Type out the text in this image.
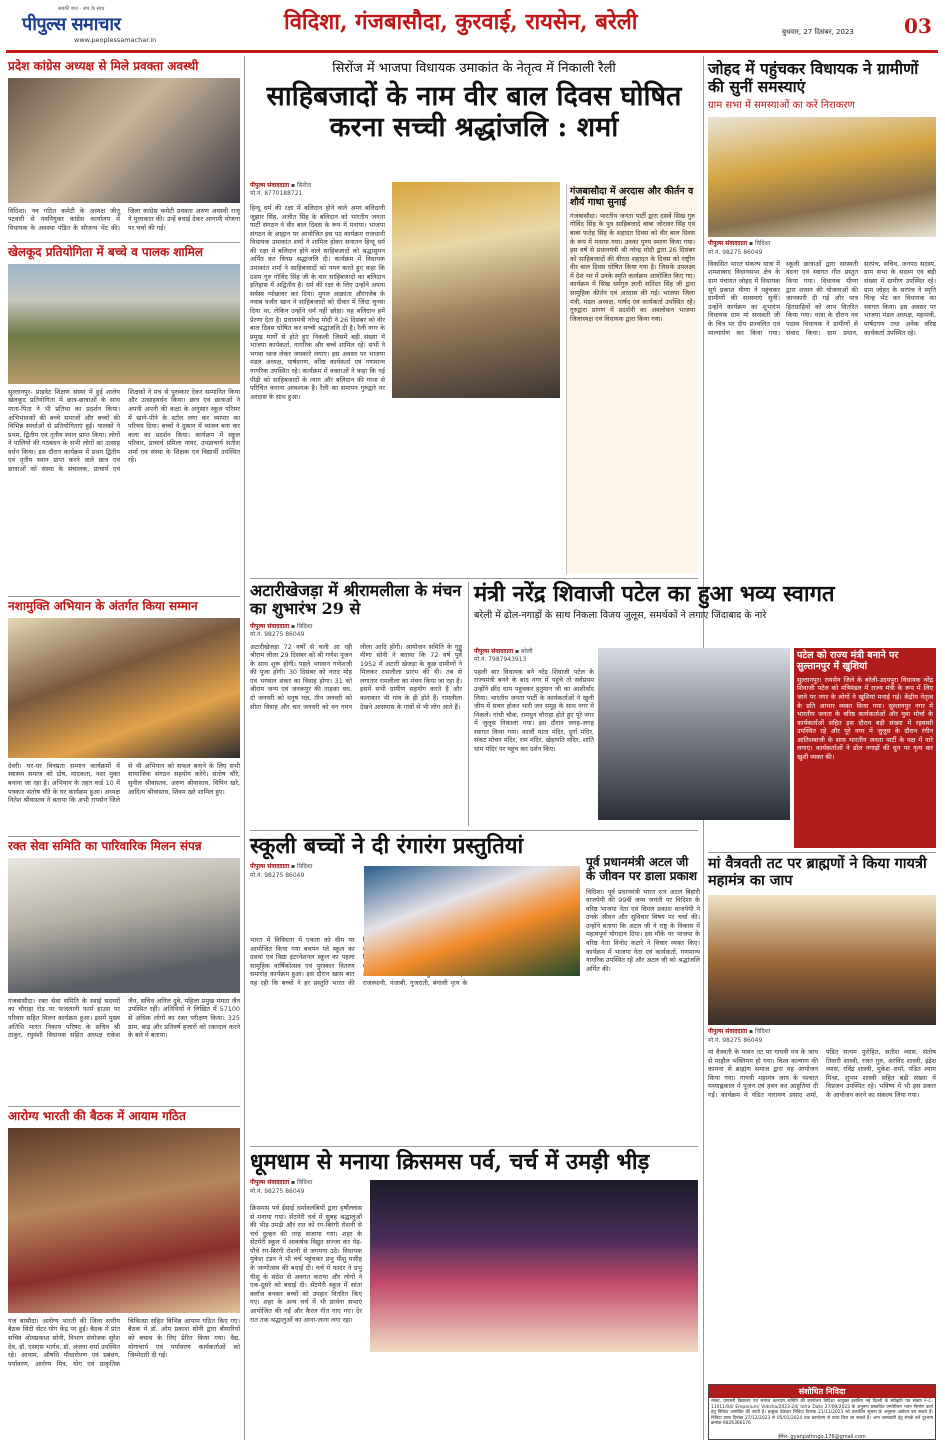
सबकी बात - सच के साथ
पीपुल्स समाचार
www.peoplessamachar.in
विदिशा, गंजबासौदा, कुरवाई, रायसेन, बरेली	बुधवार, 27 दिसंबर, 2023	03
प्रदेश कांग्रेस अध्यक्ष से मिले प्रवक्ता अवस्थी
विदिशा। नव गठित कमेटी के अध्यक्ष जीतू पटवारी से नवनियुक्त कांग्रेस कार्यालय में विधायक के अवस्था पंडित के सौजन्य भेंट की। जिला कांग्रेस कमेटी प्रवक्ता अरुण अवस्थी राजू ने मुलाकात की। उन्हें बधाई देकर आगामी योजना पर चर्चा की गई।
खेलकूद प्रतियोगिता में बच्चे व पालक शामिल
सुल्तानपुर- प्राइवेट शिक्षण संस्था में हुई शालेय खेलकूद प्रतियोगिता में छात्र-छात्राओं के साथ माता-पिता ने भी प्रतिभा का प्रदर्शन किया। अभिभावकों की बच्चे समाजों और बच्चों की विभिन्न स्पर्धाओं से प्रतियोगिताएं हुईं। पालकों ने प्रथम, द्वितीय एवं तृतीय स्थान प्राप्त किया। लोगों ने पालियों की गठबंधन के सभी लोगों का उत्साह वर्धन किया। इस दौरान कार्यक्रम में प्रथम द्वितीय एवं तृतीय स्थान प्राप्त करने वाले छात्र एवं छात्राओं को संस्था के संचालक, प्राचार्य एवं शिक्षकों ने मंच से पुरस्कार देकर सम्मानित किया और उत्साहवर्धन किया। छात्र एवं छात्राओं ने अपनी अपनी की कक्षा के अनुसार स्कूल परिसर में खाने-पीने के स्टॉल लगा कर व्यापार का परिचय दिया। बच्चों ने दुकान में व्यंजन बना कर कला का प्रदर्शन किया। कार्यक्रम में स्कूल परिवार, प्राचार्य प्रमिला नायर, उपप्राचार्य सतीश शर्मा एवं संस्था के शिक्षक एवं विद्यार्थी उपस्थित रहे।
नशामुक्ति अभियान के अंतर्गत किया सम्मान
देवरी। घर-घर विनम्रता सम्मान कार्यक्रमों में स्वास्थ्य समाज को दोष, मादकता, नशा मुक्त बनाना जा रहा है। अभियान के तहत वार्ड 10 में पत्रकार संतोष चौरे के घर कार्यक्रम हुआ। अध्यक्ष नितेश श्रीवास्तव ने बताया कि अभी रायसेन जिले से भी अभियान को सफल बनाने के लिए सभी सामाजिक संगठन सहयोग करेंगे। संतोष चौरे, सुनील श्रीवास्तव, अरुण श्रीवास्तव, विपिन खरे, आदित्य श्रीवास्तव, शिवम खरे शामिल हुए।
रक्त सेवा समिति का पारिवारिक मिलन संपन्न
गंजबासौदा। रक्त सेवा समिति के स्थाई सदस्यों का चौराहा रोड़ पर फजलानी फार्म हाउस पर परिवार सहित मिलन कार्यक्रम हुआ। इसमें मुख्य अतिथि भारत निकाय परिषद के सचिव श्री ठाकुर, रघुवंशी विधायक सहित अध्यक्ष राकेश जैन, सचिव अनिल दुबे, महिला प्रमुख ममता जैन उपस्थित रहीं। अतिथियों ने लिखित में 57100 से अधिक लोगों का रक्त परीक्षण किया। 325 ग्राम, बाढ़ और प्रतिवर्ष हजारों को रक्तदान करने के बारे में बताया।
आरोग्य भारती की बैठक में आयाम गठित
गंज बासौदा। आरोग्य भारती की जिला स्तरीय बैठक सिटी सेंटर योग केंद्र पर हुई। बैठक में प्रांत सचिव ओमप्रकाश सोनी, विभाग संयोजक सुरेश देव, डॉ. एसएस भार्गव, डॉ. अंजना शर्मा उपस्थित रहे। आयाम, औषधि पौधारोपण एवं प्रबंधन, पर्यावरण, आरोग्य मित्र, योग एवं प्राकृतिक चिकित्सा सहित विभिन्न आयाम गठित किए गए। बैठक में डॉ. ओम प्रकाश सोनी द्वारा बीमारियों को बचाव के लिए प्रेरित किया गया। वैद्य, योगाचार्य एवं पर्यावरण कार्यकर्ताओं को जिम्मेदारी दी गई।
सिरोंज में भाजपा विधायक उमाकांत के नेतृत्व में निकाली रैली
साहिबजादों के नाम वीर बाल दिवस घोषित करना सच्ची श्रद्धांजलि : शर्मा
पीपुल्स संवाददाता ▪ सिरोंज
मो.नं. 8770188721
हिन्दू धर्म की रक्षा में बलिदान होने वाले अमर बलिदानी जुझार सिंह, अजीत सिंह के बलिदान को भारतीय जनता पार्टी संगठन ने वीर बाल दिवस के रूप में मनाया। भाजपा संगठन के आह्वान पर आयोजित इस पद कार्यक्रम राजधानी विधायक उमाकांत शर्मा ने शामिल होकर सनातन हिन्दू धर्म की रक्षा में बलिदान होने वाले साहिबजादों को श्रद्धासुमन अर्पित कर विनम्र श्रद्धांजलि दी। कार्यक्रम में विधायक उमाकांत शर्मा ने साहिबजादों को नमन करते हुए कहा कि दशम गुरु गोविंद सिंह जी के चार साहिबजादों का बलिदान इतिहास में अद्वितीय है। धर्म की रक्षा के लिए उन्होंने अपना सर्वस्व न्योछावर कर दिया। मुगल आक्रांता औरंगजेब के नवाब वजीर खान ने साहिबजादों को दीवार में जिंदा चुनवा दिया था, लेकिन उन्होंने धर्म नहीं छोड़ा। यह बलिदान हमें प्रेरणा देता है। प्रधानमंत्री नरेन्द्र मोदी ने 26 दिसंबर को वीर बाल दिवस घोषित कर सच्ची श्रद्धांजलि दी है। रैली नगर के प्रमुख मार्गों से होते हुए निकली जिसमें बड़ी संख्या में भाजपा कार्यकर्ता, नागरिक और बच्चे शामिल रहे। सभी ने भगवा ध्वज लेकर जयकारे लगाए। इस अवसर पर भाजपा मंडल अध्यक्ष, पार्षदगण, वरिष्ठ कार्यकर्ता एवं गणमान्य नागरिक उपस्थित रहे। कार्यक्रम में वक्ताओं ने कहा कि नई पीढ़ी को साहिबजादों के त्याग और बलिदान की गाथा से परिचित कराना आवश्यक है। रैली का समापन गुरुद्वारे पर अरदास के साथ हुआ।
गंजबासौदा में अरदास और कीर्तन व शौर्य गाथा सुनाई
गंजबासौदा। भारतीय जनता पार्टी द्वारा दसवें सिख गुरु गोविंद सिंह के पुत्र साहिबजादे बाबा जोरावर सिंह एवं बाबा फतेह सिंह के शहादत दिवस को वीर बाल दिवस के रूप में मनाया गया। उनका पुण्य स्मरण किया गया। इस वर्ष से प्रधानमंत्री श्री नरेन्द्र मोदी द्वारा 26 दिसंबर को साहिबजादों की वीरता शहादत के दिवस को राष्ट्रीय वीर बाल दिवस घोषित किया गया है। जिसके उपलक्ष्य में देश भर में उनके स्मृति कार्यक्रम आयोजित किए गए। कार्यक्रम में सिख धर्मगुरु ज्ञानी सतिंदर सिंह जी द्वारा सामूहिक कीर्तन एवं अरदास की गई। भाजपा जिला मंत्री, मंडल अध्यक्ष, पार्षद एवं कार्यकर्ता उपस्थित रहे। गुरुद्वारा प्रांगण में प्रदर्शनी का अवलोकन भाजपा जिलाध्यक्ष एवं विधायक द्वारा किया गया।
अटारीखेजड़ा में श्रीरामलीला के मंचन का शुभारंभ 29 से
पीपुल्स संवाददाता ▪ विदिशा
मो.नं. 98275 86049
अटारीखेजड़ा 72 वर्षों से चली आ रही श्रीराम लीला 29 दिसंबर को श्री गणेश पूजन के साथ शुरू होगी। पहले भगवान गणेशजी की पूजा होगी। 30 दिसंबर को नारद मोह एवं भगवान शंकर का विवाह होगा। 31 को श्रीराम जन्म एवं जनकपुर की ताड़का वध, दो जनवरी को धनुष यज्ञ, तीन जनवरी को सीता विवाह और चार जनवरी को वन गमन लीला आदि होंगी। आयोजन समिति के गुड्डू मीणा सोनी ने बताया कि 72 वर्ष पूर्व 1952 में अटारी खेजड़ा के कुछ ग्रामीणों ने मिलकर रामलीला प्रारंभ की थी। तब से लगातार रामलीला का मंचन किया जा रहा है। इसमें सभी ग्रामीण सहयोग करते हैं और कलाकार भी गांव के ही होते हैं। रामलीला देखने आसपास के गांवों से भी लोग आते हैं।
मंत्री नरेंद्र शिवाजी पटेल का हुआ भव्य स्वागत
बरेली में ढोल-नगाड़ों के साथ निकला विजय जुलूस, समर्थकों ने लगाए जिंदाबाद के नारे
पीपुल्स संवाददाता ▪ बरेली
मो.नं. 7987943913
पहली बार विधायक बने नरेंद्र शिवाजी पटेल के राज्यमंत्री बनने के बाद नगर में पहुंचे तो सर्वप्रथम उन्होंने छींद धाम पहुंचकर हनुमान जी का आशीर्वाद लिया। भारतीय जनता पार्टी के कार्यकर्ताओं ने खुली जीप में सवार होकर भारी जन समूह के साथ नगर में निकले। गांधी चौक, रामधुन चौराहा होते हुए पूरे नगर में जुलूस निकाला गया। इस दौरान जगह-जगह स्वागत किया गया। कालौं माता मंदिर, दुर्गा मंदिर, संकट मोचन मंदिर, राम मंदिर, खेड़ापति मंदिर, शांति धाम मंदिर पर पहुंच कर दर्शन किए।
पटेल को राज्य मंत्री बनाने पर सुल्तानपुर में खुशियां
सुल्तानपुर। रायसेन जिले के बरेली-उदयपुरा विधायक नरेंद्र शिवाजी पटेल को मंत्रिमंडल में राज्य मंत्री के रूप में लिए जाने पर नगर के लोगों ने खुशियां मनाई गई। केंद्रीय नेतृत्व के प्रति आभार व्यक्त किया गया। सुल्तानपुर नगर में भारतीय जनता के वरिष्ठ कार्यकर्ताओं और युवा मोर्चा के कार्यकर्ताओं सहित इस दौरान बड़ी संख्या में रहवासी उपस्थित रहे और पूरे नगर में जुलूस के दौरान रंगीन आतिशबाजी के साथ भारतीय जनता पार्टी के पक्ष में नारे लगाए। कार्यकर्ताओं ने ढोल नगाड़ों की धुन पर नृत्य कर खुशी व्यक्त की।
स्कूली बच्चों ने दी रंगारंग प्रस्तुतियां
पीपुल्स संवाददाता ▪ विदिशा
मो.नं. 98275 86049
भारत में विविधता में एकता को थीम पर आयोजित किया गया बचपन प्ले स्कूल का दसवां एवं विद्या इंटरनेशनल स्कूल का पहला सामूहिक वार्षिकोत्सव एवं पुरस्कार वितरण समारोह कार्यक्रम हुआ। इस दौरान खास बात यह रही कि बच्चों ने हर प्रस्तुति भारत की राजस्थानी, पंजाबी, गुजराती, बंगाली नृत्य के
पूर्व प्रधानमंत्री अटल जी के जीवन पर डाला प्रकाश
विदिशा। पूर्व प्रधानमंत्री भारत रत्न अटल बिहारी वाजपेयी की 99वीं जन्म जयंती पर विदिशा के वरिष्ठ भाजपा नेता एवं विमल प्रकाश वाजपेयी ने उनके जीवन और सुविचार विषय पर चर्चा की। उन्होंने बताया कि अटल जी ने राष्ट्र के विकास में महत्वपूर्ण योगदान दिया। इस मौके पर भाजपा के वरिष्ठ नेता विनोद कटारे ने विचार व्यक्त किए। कार्यक्रम में भाजपा नेता एवं कार्यकर्ता, गणमान्य नागरिक उपस्थित रहे और अटल जी को श्रद्धांजलि अर्पित की।
धूमधाम से मनाया क्रिसमस पर्व, चर्च में उमड़ी भीड़
पीपुल्स संवाददाता ▪ विदिशा
मो.नं. 98275 86049
क्रिसमस पर्व ईसाई धर्मावलंबियों द्वारा हर्षोल्लास से मनाया गया। सेंटमेरी चर्च में सुबह श्रद्धालुओं की भीड़ उमड़ी और रात को रंग-बिरंगी रोशनी से चर्च दुल्हन की तरह सजाया गया। शहर के सेंटमेरी स्कूल में आकर्षक विद्युत सज्जा कर पेड़-पौधे रंग-बिरंगी रोशनी से जगमगा उठे। विधायक मुकेश टंडन ने भी चर्च पहुंचकर प्रभु यीशु मसीह के जन्मोत्सव की बधाई दी। चर्च में फादर ने प्रभु यीशु के संदेश से अवगत कराया और लोगों ने एक-दूसरे को बधाई दी। सेंटमेरी स्कूल में सांता क्लॉज बनकर बच्चों को उपहार वितरित किए गए। शहर के अन्य चर्च में भी प्रार्थना सभाएं आयोजित की गईं और कैरल गीत गाए गए। देर रात तक श्रद्धालुओं का आना-जाना लगा रहा।
जोहद में पहुंचकर विधायक ने ग्रामीणों की सुनीं समस्याएं
ग्राम सभा में समस्याओं का करें निराकरण
पीपुल्स संवाददाता ▪ विदिशा
मो.नं. 98275 86049
विकसित भारत संकल्प यात्रा में शमशाबाद विधानसभा क्षेत्र के ग्राम पंचायत जोहद में विधायक सूर्य प्रकाश मीणा ने पहुंचकर ग्रामीणों की समस्याएं सुनीं। उन्होंने कार्यक्रम का शुभारंभ विधायक ग्राम मां सरस्वती जी के चित्र पर दीप प्रज्वलित एवं माल्यार्पण कर किया गया। स्कूली छात्राओं द्वारा सरस्वती वंदना एवं स्वागत गीत प्रस्तुत किया गया। विधायक मीणा द्वारा शासन की योजनाओं की जानकारी दी गई और पात्र हितग्राहियों को लाभ वितरित किया गया। यात्रा के दौरान नव पदस्थ विधायक ने ग्रामीणों से संवाद किया। ग्राम प्रधान, सरपंच, सचिव, जनपद सदस्य, ग्राम सभा के सदस्य एवं बड़ी संख्या में ग्रामीण उपस्थित रहे। ग्राम जोहद के सरपंच ने स्मृति चिन्ह भेंट कर विधायक का स्वागत किया। इस अवसर पर भाजपा मंडल अध्यक्ष, महामंत्री, पार्षदगण तथा अनेक वरिष्ठ कार्यकर्ता उपस्थित रहे।
मां वैत्रवती तट पर ब्राह्मणों ने किया गायत्री महामंत्र का जाप
पीपुल्स संवाददाता ▪ विदिशा
मो.नं. 98275 86049
मां वैत्रवती के पावन तट पर गायत्री मंत्र के जाप से माहौल भक्तिमय हो गया। विश्व कल्याण की कामना से ब्राह्मण समाज द्वारा यह आयोजन किया गया। गायत्री महामंत्र जाप के पश्चात मध्याह्नकाल में पूजन एवं हवन कर आहुतियां दी गईं। कार्यक्रम में पंडित नारायण प्रसाद शर्मा, पंडित सत्यम पुरोहित, सतीश व्यास, संतोष तिवारी शास्त्री, रजत गुरु, अरविंद शास्त्री, इंद्रेश व्यास, रविंद्र शास्त्री, मुकेश शर्मा, पंडित श्याम मिश्रा, शुभम शास्त्री सहित बड़ी संख्या में विप्रजन उपस्थित रहे। भविष्य में भी इस प्रकार के आयोजन करने का संकल्प लिया गया।
संशोधित निविदा
संस्था, प्रायमरी विद्यालय एवं समाज कल्याण समिति की कार्यालय विदिशा आयुक्त इसलिए नई दिल्ली के स्वीकृति पत्र संख्या F-C-11011/04/ Emporium/ Vidisha/2023-24/ Infra Date 27/09/2023 के अनुरूप प्रस्तावित एम्पोरियम भवन निर्माण कार्य हेतु निविदा आमंत्रित की जाती है। इच्छुक ठेकेदार निविदा दिनांक 21/11/2023 को प्रकाशित सूचना के अनुसार आवेदन कर सकते हैं। निविदा प्रपत्र दिनांक 27/12/2023 से 05/01/2024 तक कार्यालय से प्राप्त किए जा सकते हैं। अन्य जानकारी हेतु संपर्क करें दूरभाष क्रमांक 9826366176
ईमेल- gyanpathngo.176@gmail.com
